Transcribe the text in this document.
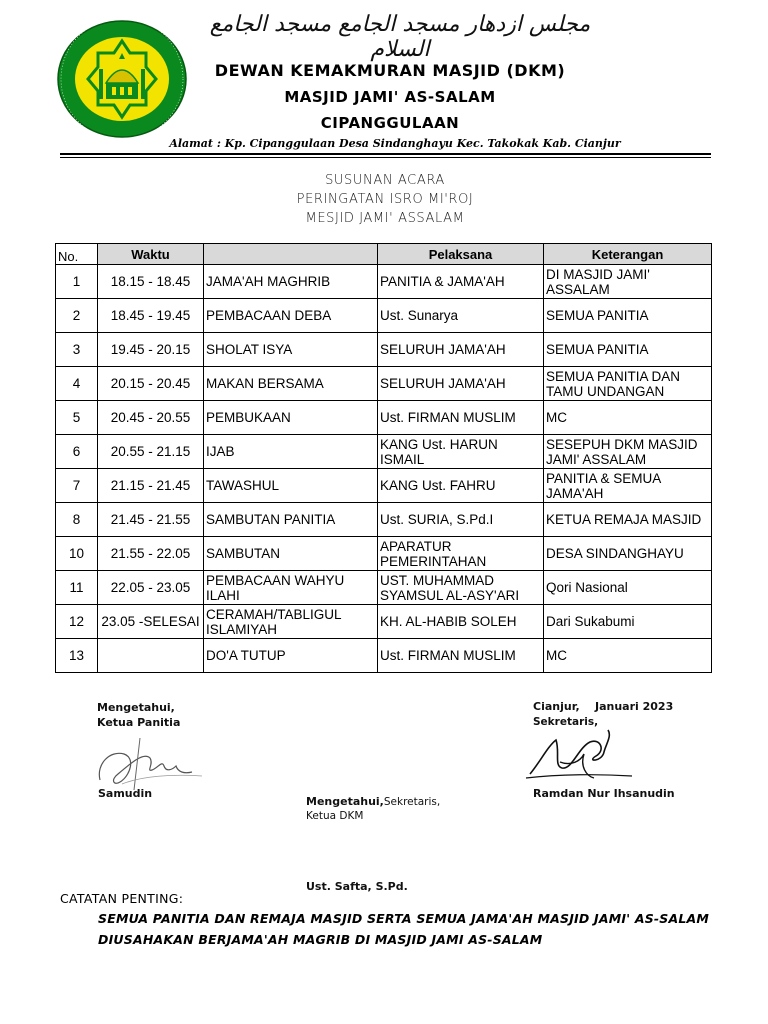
مجلس ازدهار مسجد الجامع مسجد الجامع السلام
DEWAN KEMAKMURAN MASJID (DKM)
MASJID JAMI' AS-SALAM
CIPANGGULAAN
Alamat : Kp. Cipanggulaan Desa Sindanghayu Kec. Takokak Kab. Cianjur
SUSUNAN ACARA
PERINGATAN ISRO MI'ROJ
MESJID JAMI' ASSALAM
No.	Waktu		Pelaksana	Keterangan
1	18.15 - 18.45	JAMA'AH MAGHRIB	PANITIA & JAMA'AH	DI MASJID JAMI' ASSALAM
2	18.45 - 19.45	PEMBACAAN DEBA	Ust. Sunarya	SEMUA PANITIA
3	19.45 - 20.15	SHOLAT ISYA	SELURUH JAMA'AH	SEMUA PANITIA
4	20.15 - 20.45	MAKAN BERSAMA	SELURUH JAMA'AH	SEMUA PANITIA DAN TAMU UNDANGAN
5	20.45 - 20.55	PEMBUKAAN	Ust. FIRMAN MUSLIM	MC
6	20.55 - 21.15	IJAB	KANG Ust. HARUN ISMAIL	SESEPUH DKM MASJID JAMI' ASSALAM
7	21.15 - 21.45	TAWASHUL	KANG Ust. FAHRU	PANITIA & SEMUA JAMA'AH
8	21.45 - 21.55	SAMBUTAN PANITIA	Ust. SURIA, S.Pd.I	KETUA REMAJA MASJID
10	21.55 - 22.05	SAMBUTAN	APARATUR PEMERINTAHAN	DESA SINDANGHAYU
11	22.05 - 23.05	PEMBACAAN WAHYU ILAHI	UST. MUHAMMAD SYAMSUL AL-ASY'ARI	Qori Nasional
12	23.05 -SELESAI	CERAMAH/TABLIGUL ISLAMIYAH	KH. AL-HABIB SOLEH	Dari Sukabumi
13		DO'A TUTUP	Ust. FIRMAN MUSLIM	MC
Mengetahui,
Ketua Panitia
Samudin
Cianjur, Januari 2023
Sekretaris,
Ramdan Nur Ihsanudin
Mengetahui,Sekretaris,
Ketua DKM
Ust. Safta, S.Pd.
CATATAN PENTING:
SEMUA PANITIA DAN REMAJA MASJID SERTA SEMUA JAMA'AH MASJID JAMI' AS-SALAM
DIUSAHAKAN BERJAMA'AH MAGRIB DI MASJID JAMI AS-SALAM
